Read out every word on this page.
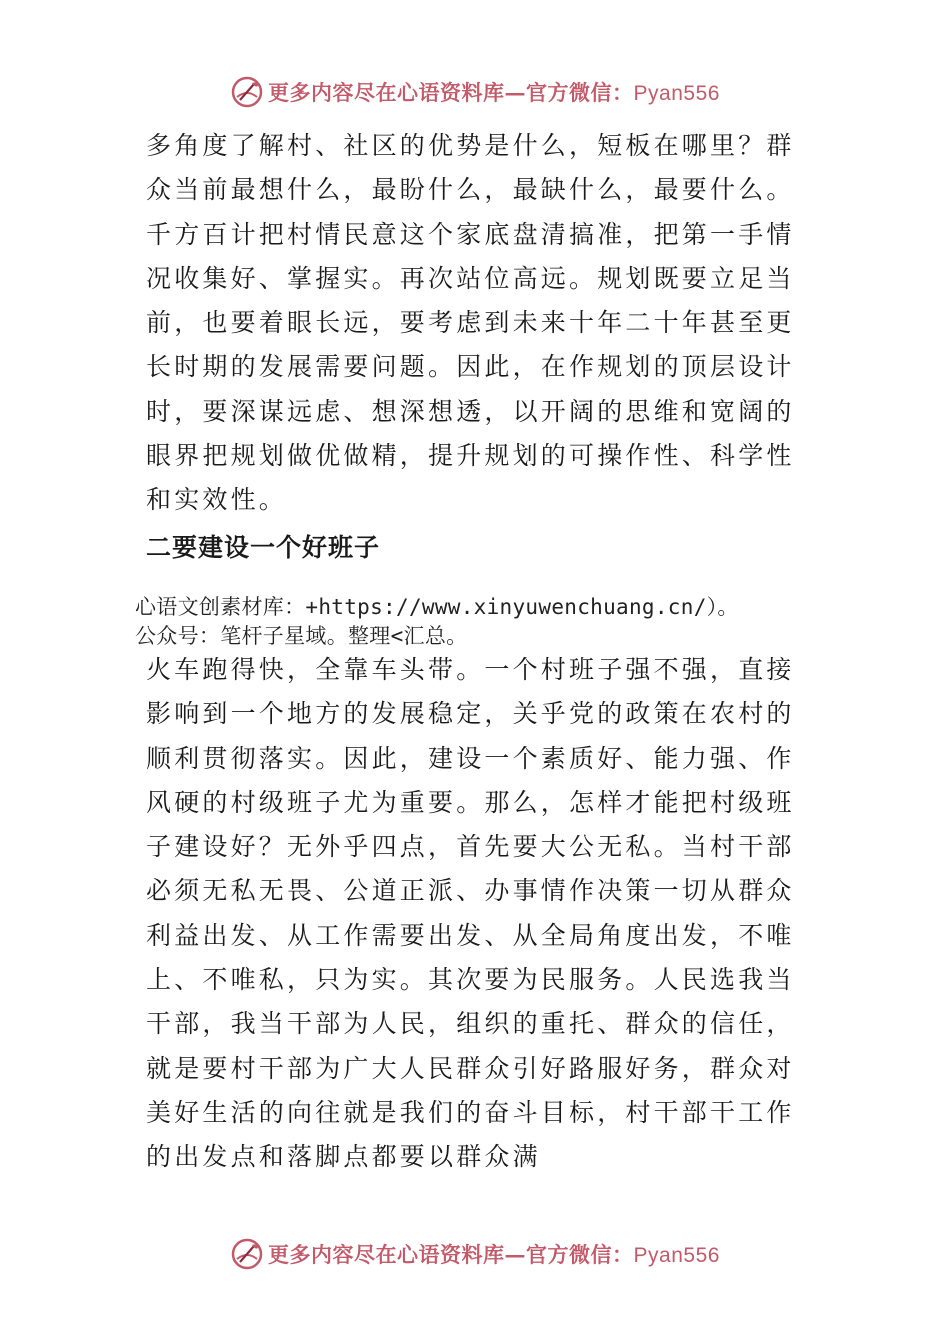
更多内容尽在心语资料库—官方微信：Pyan556

多角度了解村、社区的优势是什么，短板在哪里？群众当前最想什么，最盼什么，最缺什么，最要什么。千方百计把村情民意这个家底盘清搞准，把第一手情况收集好、掌握实。再次站位高远。规划既要立足当前，也要着眼长远，要考虑到未来十年二十年甚至更长时期的发展需要问题。因此，在作规划的顶层设计时，要深谋远虑、想深想透，以开阔的思维和宽阔的眼界把规划做优做精，提升规划的可操作性、科学性和实效性。

二要建设一个好班子
心语文创素材库：+https://www.xinyuwenchuang.cn/）。
公众号：笔杆子星域。整理<汇总。

火车跑得快，全靠车头带。一个村班子强不强，直接影响到一个地方的发展稳定，关乎党的政策在农村的顺利贯彻落实。因此，建设一个素质好、能力强、作风硬的村级班子尤为重要。那么，怎样才能把村级班子建设好？无外乎四点，首先要大公无私。当村干部必须无私无畏、公道正派、办事情作决策一切从群众利益出发、从工作需要出发、从全局角度出发，不唯上、不唯私，只为实。其次要为民服务。人民选我当干部，我当干部为人民，组织的重托、群众的信任，就是要村干部为广大人民群众引好路服好务，群众对美好生活的向往就是我们的奋斗目标，村干部干工作的出发点和落脚点都要以群众满

更多内容尽在心语资料库—官方微信：Pyan556
